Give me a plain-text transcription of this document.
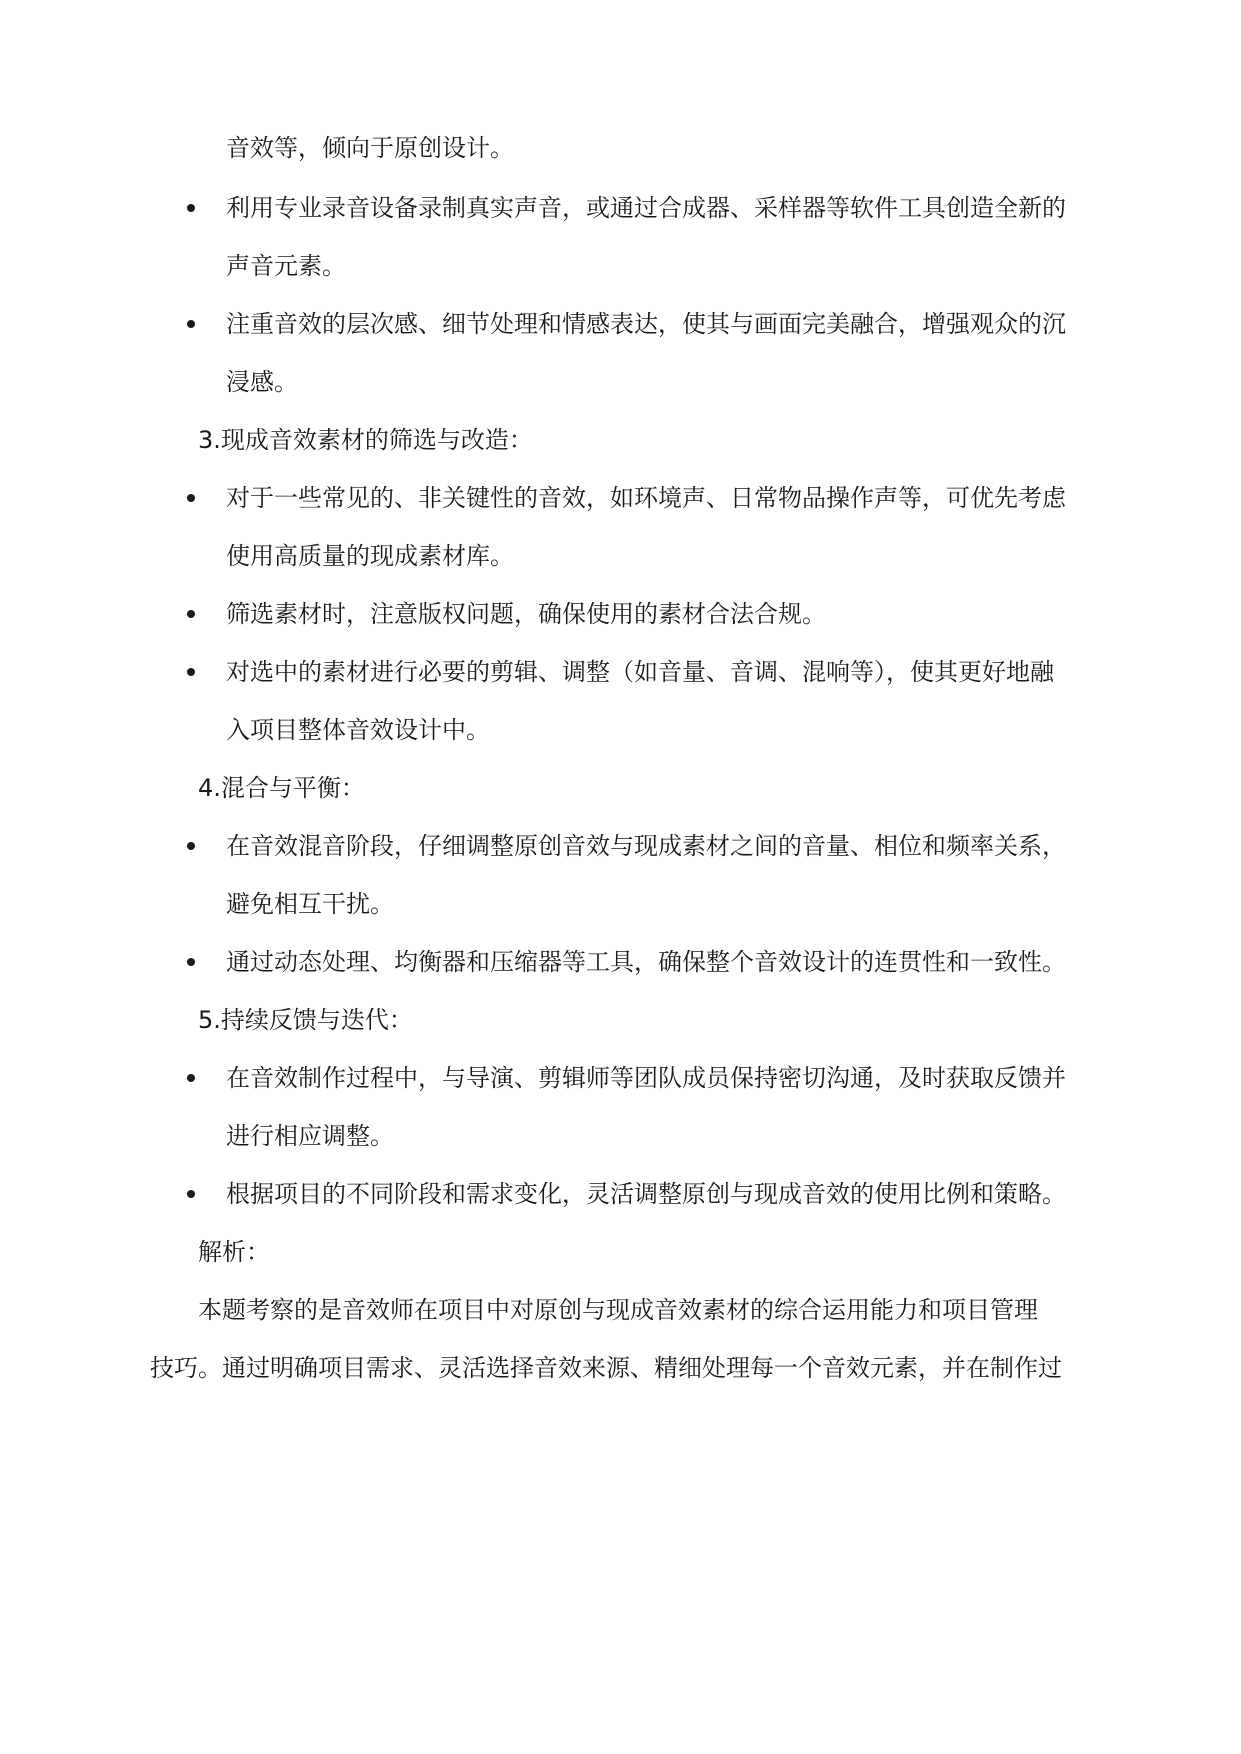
音效等，倾向于原创设计。
利用专业录音设备录制真实声音，或通过合成器、采样器等软件工具创造全新的
声音元素。
注重音效的层次感、细节处理和情感表达，使其与画面完美融合，增强观众的沉
浸感。
3.现成音效素材的筛选与改造：
对于一些常见的、非关键性的音效，如环境声、日常物品操作声等，可优先考虑
使用高质量的现成素材库。
筛选素材时，注意版权问题，确保使用的素材合法合规。
对选中的素材进行必要的剪辑、调整（如音量、音调、混响等），使其更好地融
入项目整体音效设计中。
4.混合与平衡：
在音效混音阶段，仔细调整原创音效与现成素材之间的音量、相位和频率关系，
避免相互干扰。
通过动态处理、均衡器和压缩器等工具，确保整个音效设计的连贯性和一致性。
5.持续反馈与迭代：
在音效制作过程中，与导演、剪辑师等团队成员保持密切沟通，及时获取反馈并
进行相应调整。
根据项目的不同阶段和需求变化，灵活调整原创与现成音效的使用比例和策略。
解析：
本题考察的是音效师在项目中对原创与现成音效素材的综合运用能力和项目管理
技巧。通过明确项目需求、灵活选择音效来源、精细处理每一个音效元素，并在制作过
